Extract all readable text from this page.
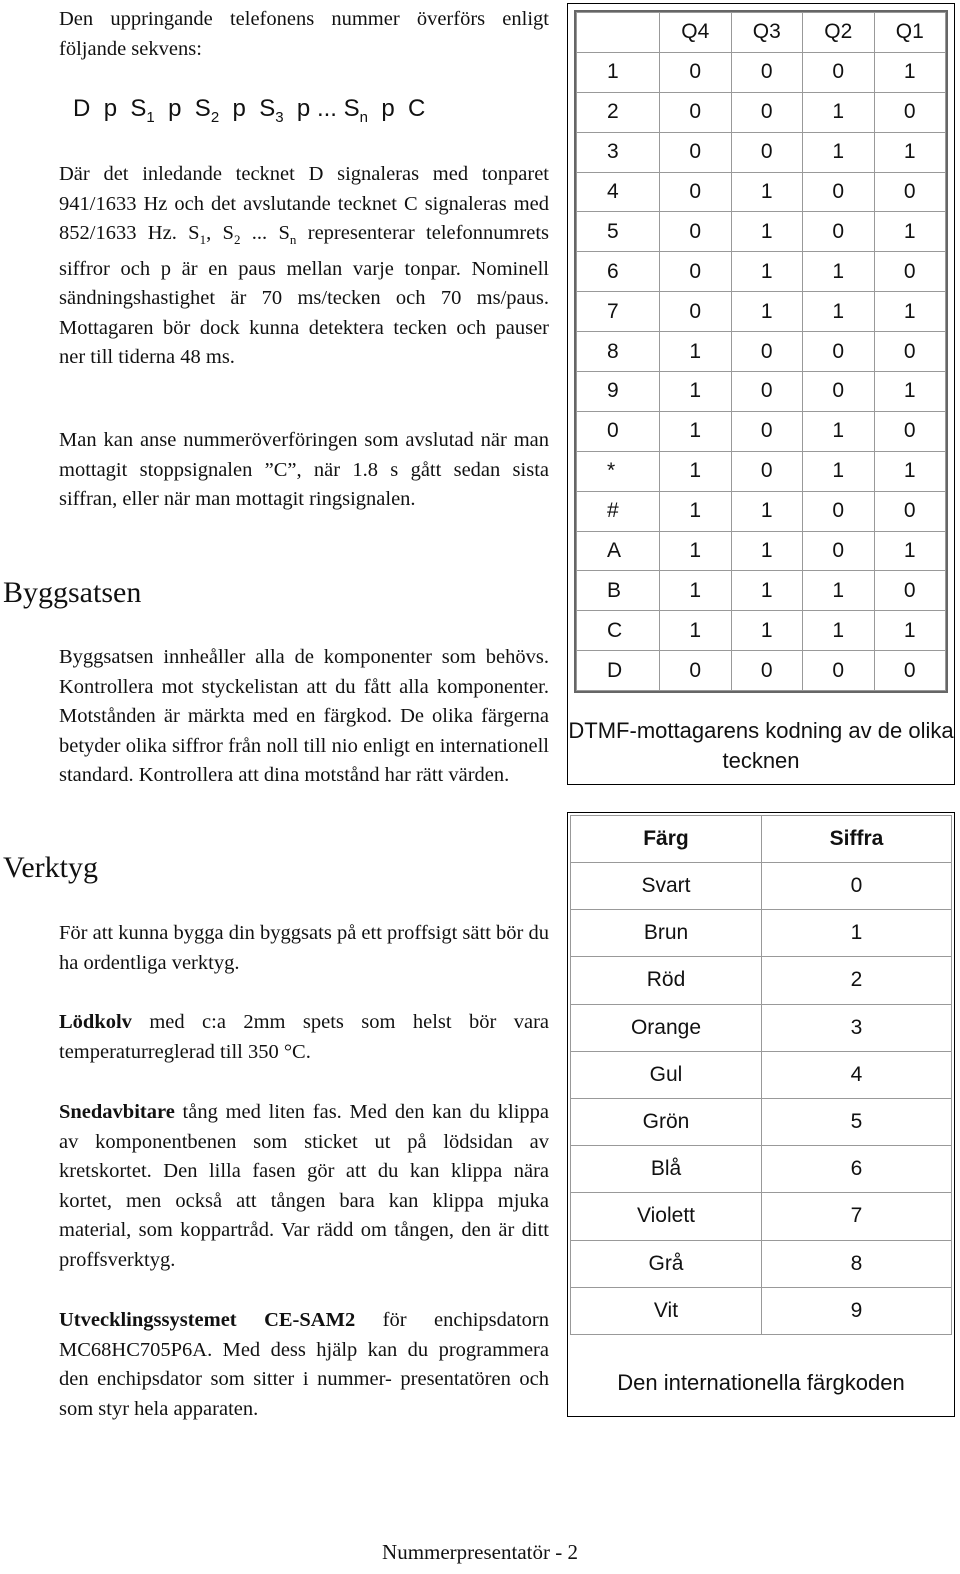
Den uppringande telefonens nummer överförs enligt följande sekvens:

D p $S_1$ p $S_2$ p $S_3$ p ... $S_n$ p C

Där det inledande tecknet D signaleras med tonparet 941/1633 Hz och det avslutande tecknet C signaleras med 852/1633 Hz. $S_1$, $S_2$ ... $S_n$ representerar telefonnumrets siffror och p är en paus mellan varje tonpar. Nominell sändningshastighet är 70 ms/tecken och 70 ms/paus. Mottagaren bör dock kunna detektera tecken och pauser ner till tiderna 48 ms.

Man kan anse nummeröverföringen som avslutad när man mottagit stoppsignalen ”C”, när 1.8 s gått sedan sista siffran, eller när man mottagit ringsignalen.

Byggsatsen

Byggsatsen innheåller alla de komponenter som behövs. Kontrollera mot styckelistan att du fått alla komponenter. Motstånden är märkta med en färgkod. De olika färgerna betyder olika siffror från noll till nio enligt en internationell standard. Kontrollera att dina motstånd har rätt värden.

Verktyg

För att kunna bygga din byggsats på ett proffsigt sätt bör du ha ordentliga verktyg.

Lödkolv med c:a 2mm spets som helst bör vara temperaturreglerad till 350 °C.

Snedavbitare tång med liten fas. Med den kan du klippa av komponentbenen som sticket ut på lödsidan av kretskortet. Den lilla fasen gör att du kan klippa nära kortet, men också att tången bara kan klippa mjuka material, som koppartråd. Var rädd om tången, den är ditt proffsverktyg.

Utvecklingssystemet CE-SAM2 för enchipsdatorn MC68HC705P6A. Med dess hjälp kan du programmera den enchipsdator som sitter i nummer- presentatören och som styr hela apparaten.

	Q4	Q3	Q2	Q1
1	0	0	0	1
2	0	0	1	0
3	0	0	1	1
4	0	1	0	0
5	0	1	0	1
6	0	1	1	0
7	0	1	1	1
8	1	0	0	0
9	1	0	0	1
0	1	0	1	0
*	1	0	1	1
#	1	1	0	0
A	1	1	0	1
B	1	1	1	0
C	1	1	1	1
D	0	0	0	0
DTMF-mottagarens kodning av de olika tecknen
Färg	Siffra
Svart	0
Brun	1
Röd	2
Orange	3
Gul	4
Grön	5
Blå	6
Violett	7
Grå	8
Vit	9
Den internationella färgkoden
Nummerpresentatör - 2
